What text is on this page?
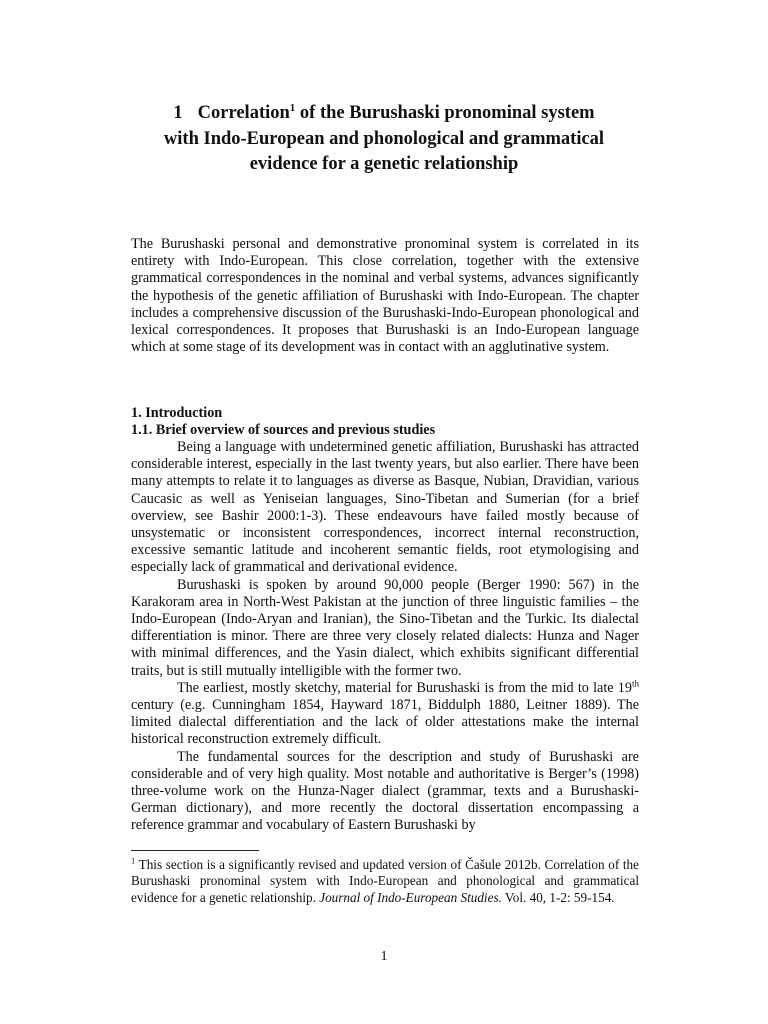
1 Correlation$^1$ of the Burushaski pronominal system
with Indo-European and phonological and grammatical
evidence for a genetic relationship

The Burushaski personal and demonstrative pronominal system is correlated in its entirety with Indo-European. This close correlation, together with the extensive grammatical correspondences in the nominal and verbal systems, advances significantly the hypothesis of the genetic affiliation of Burushaski with Indo-European. The chapter includes a comprehensive discussion of the Burushaski-Indo-European phonological and lexical correspondences. It proposes that Burushaski is an Indo-European language which at some stage of its development was in contact with an agglutinative system.

1. Introduction
1.1. Brief overview of sources and previous studies

Being a language with undetermined genetic affiliation, Burushaski has attracted considerable interest, especially in the last twenty years, but also earlier. There have been many attempts to relate it to languages as diverse as Basque, Nubian, Dravidian, various Caucasic as well as Yeniseian languages, Sino-Tibetan and Sumerian (for a brief overview, see Bashir 2000:1-3). These endeavours have failed mostly because of unsystematic or inconsistent correspondences, incorrect internal reconstruction, excessive semantic latitude and incoherent semantic fields, root etymologising and especially lack of grammatical and derivational evidence.

Burushaski is spoken by around 90,000 people (Berger 1990: 567) in the Karakoram area in North-West Pakistan at the junction of three linguistic families – the Indo-European (Indo-Aryan and Iranian), the Sino-Tibetan and the Turkic. Its dialectal differentiation is minor. There are three very closely related dialects: Hunza and Nager with minimal differences, and the Yasin dialect, which exhibits significant differential traits, but is still mutually intelligible with the former two.

The earliest, mostly sketchy, material for Burushaski is from the mid to late 19th century (e.g. Cunningham 1854, Hayward 1871, Biddulph 1880, Leitner 1889). The limited dialectal differentiation and the lack of older attestations make the internal historical reconstruction extremely difficult.

The fundamental sources for the description and study of Burushaski are considerable and of very high quality. Most notable and authoritative is Berger’s (1998) three-volume work on the Hunza-Nager dialect (grammar, texts and a Burushaski-German dictionary), and more recently the doctoral dissertation encompassing a reference grammar and vocabulary of Eastern Burushaski by

$^1$ This section is a significantly revised and updated version of Čašule 2012b. Correlation of the Burushaski pronominal system with Indo-European and phonological and grammatical evidence for a genetic relationship. Journal of Indo-European Studies. Vol. 40, 1-2: 59-154.

1
